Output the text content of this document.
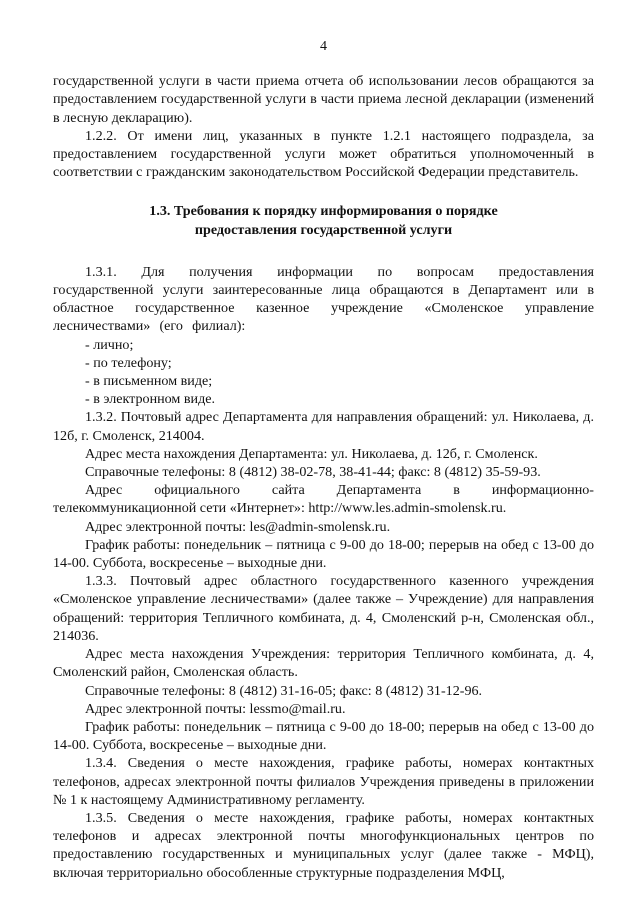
4

государственной услуги в части приема отчета об использовании лесов обращаются за предоставлением государственной услуги в части приема лесной декларации (изменений в лесную декларацию).

1.2.2. От имени лиц, указанных в пункте 1.2.1 настоящего подраздела, за предоставлением государственной услуги может обратиться уполномоченный в соответствии с гражданским законодательством Российской Федерации представитель.

1.3. Требования к порядку информирования о порядке предоставления государственной услуги

1.3.1. Для получения информации по вопросам предоставления государственной услуги заинтересованные лица обращаются в Департамент или в областное государственное казенное учреждение «Смоленское управление лесничествами» (его филиал):

- лично;

- по телефону;

- в письменном виде;

- в электронном виде.

1.3.2. Почтовый адрес Департамента для направления обращений: ул. Николаева, д. 12б, г. Смоленск, 214004.

Адрес места нахождения Департамента: ул. Николаева, д. 12б, г. Смоленск.

Справочные телефоны: 8 (4812) 38-02-78, 38-41-44; факс: 8 (4812) 35-59-93.

Адрес официального сайта Департамента в информационно-телекоммуникационной сети «Интернет»: http://www.les.admin-smolensk.ru.

Адрес электронной почты: les@admin-smolensk.ru.

График работы: понедельник – пятница с 9-00 до 18-00; перерыв на обед с 13-00 до 14-00. Суббота, воскресенье – выходные дни.

1.3.3. Почтовый адрес областного государственного казенного учреждения «Смоленское управление лесничествами» (далее также – Учреждение) для направления обращений: территория Тепличного комбината, д. 4, Смоленский р-н, Смоленская обл., 214036.

Адрес места нахождения Учреждения: территория Тепличного комбината, д. 4, Смоленский район, Смоленская область.

Справочные телефоны: 8 (4812) 31-16-05; факс: 8 (4812) 31-12-96.

Адрес электронной почты: lessmo@mail.ru.

График работы: понедельник – пятница с 9-00 до 18-00; перерыв на обед с 13-00 до 14-00. Суббота, воскресенье – выходные дни.

1.3.4. Сведения о месте нахождения, графике работы, номерах контактных телефонов, адресах электронной почты филиалов Учреждения приведены в приложении № 1 к настоящему Административному регламенту.

1.3.5. Сведения о месте нахождения, графике работы, номерах контактных телефонов и адресах электронной почты многофункциональных центров по предоставлению государственных и муниципальных услуг (далее также - МФЦ), включая территориально обособленные структурные подразделения МФЦ,
